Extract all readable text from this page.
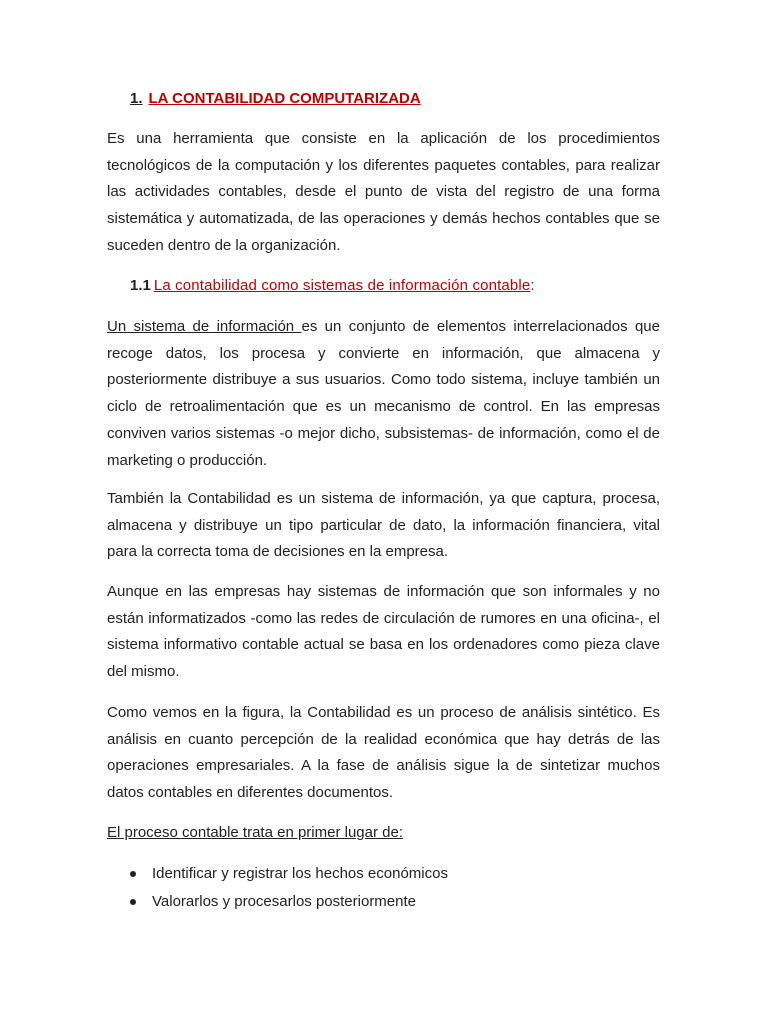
1. LA CONTABILIDAD COMPUTARIZADA

Es una herramienta que consiste en la aplicación de los procedimientos tecnológicos de la computación y los diferentes paquetes contables, para realizar las actividades contables, desde el punto de vista del registro de una forma sistemática y automatizada, de las operaciones y demás hechos contables que se suceden dentro de la organización.

1.1 La contabilidad como sistemas de información contable:

Un sistema de información es un conjunto de elementos interrelacionados que recoge datos, los procesa y convierte en información, que almacena y posteriormente distribuye a sus usuarios. Como todo sistema, incluye también un ciclo de retroalimentación que es un mecanismo de control. En las empresas conviven varios sistemas -o mejor dicho, subsistemas- de información, como el de marketing o producción.

También la Contabilidad es un sistema de información, ya que captura, procesa, almacena y distribuye un tipo particular de dato, la información financiera, vital para la correcta toma de decisiones en la empresa.

Aunque en las empresas hay sistemas de información que son informales y no están informatizados -como las redes de circulación de rumores en una oficina-, el sistema informativo contable actual se basa en los ordenadores como pieza clave del mismo.

Como vemos en la figura, la Contabilidad es un proceso de análisis sintético. Es análisis en cuanto percepción de la realidad económica que hay detrás de las operaciones empresariales. A la fase de análisis sigue la de sintetizar muchos datos contables en diferentes documentos.

El proceso contable trata en primer lugar de:

Identificar y registrar los hechos económicos
Valorarlos y procesarlos posteriormente
